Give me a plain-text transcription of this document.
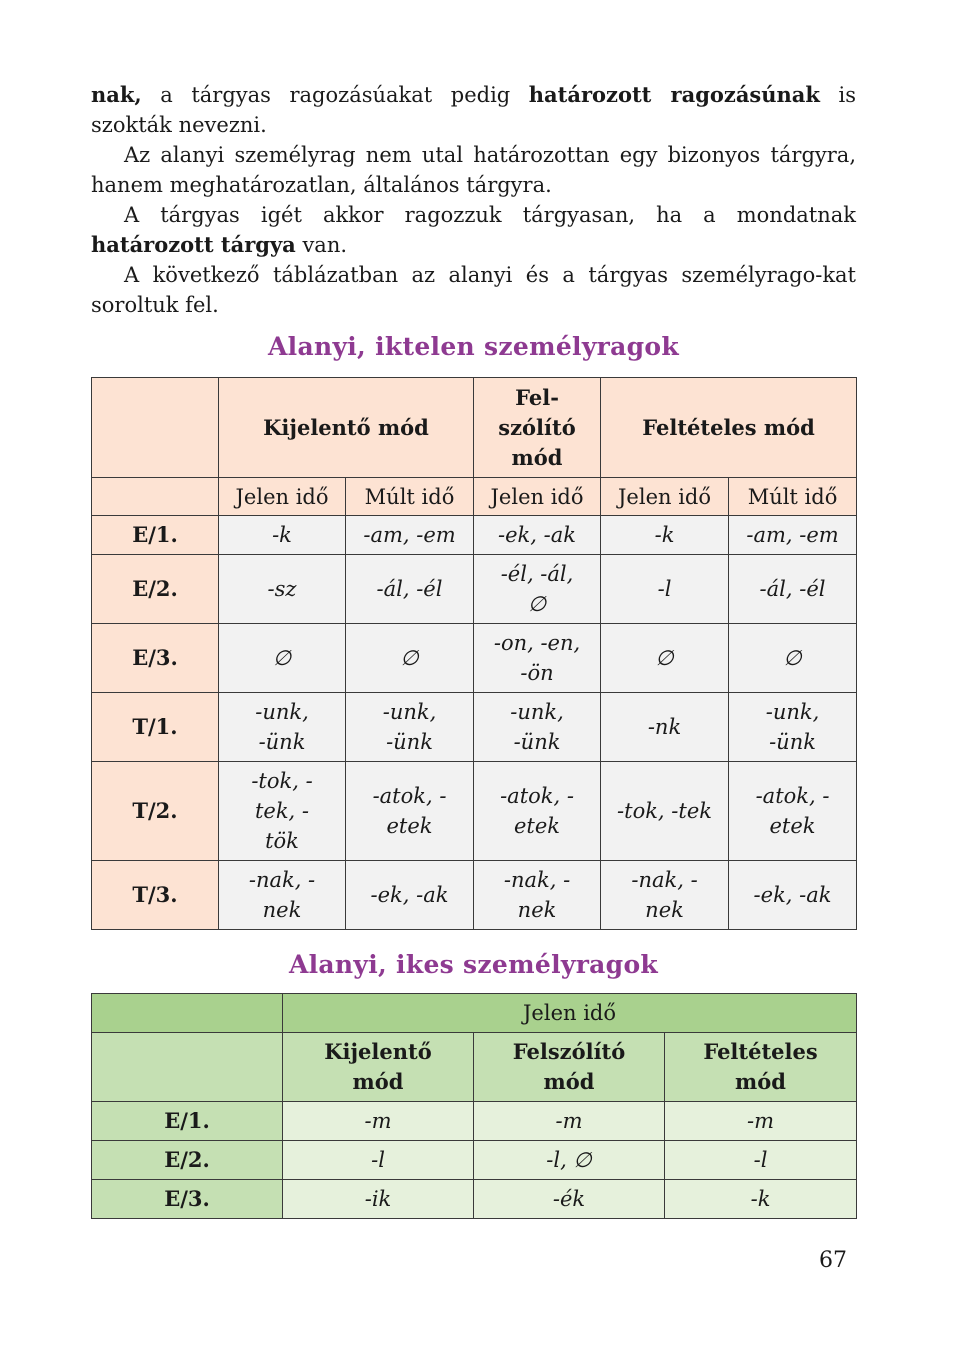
nak, a tárgyas ragozásúakat pedig határozott ragozásúnak is szokták nevezni.

Az alanyi személyrag nem utal határozottan egy bizonyos tárgyra, hanem meghatározatlan, általános tárgyra.

A tárgyas igét akkor ragozzuk tárgyasan, ha a mondatnak határozott tárgya van.

A következő táblázatban az alanyi és a tárgyas személyrago-kat soroltuk fel.

Alanyi, iktelen személyragok
	Kijelentő mód		Fel-
szólító
mód	Feltételes mód	
	Jelen idő	Múlt idő	Jelen idő	Jelen idő	Múlt idő
E/1.	-k	-am, -em	-ek, -ak	-k	-am, -em
E/2.	-sz	-ál, -él	-él, -ál, ∅	-l	-ál, -él
E/3.	∅	∅	-on, -en, -ön	∅	∅
T/1.	-unk, -ünk	-unk, -ünk	-unk, -ünk	-nk	-unk, -ünk
T/2.	-tok, -tek, -tök	-atok, -etek	-atok, -etek	-tok, -tek	-atok, -etek
T/3.	-nak, -nek	-ek, -ak	-nak, -nek	-nak, -nek	-ek, -ak
Alanyi, ikes személyragok
	Jelen idő		
	Kijelentő mód	Felszólító mód	Feltételes mód
E/1.	-m	-m	-m
E/2.	-l	-l, ∅	-l
E/3.	-ik	-ék	-k
67
